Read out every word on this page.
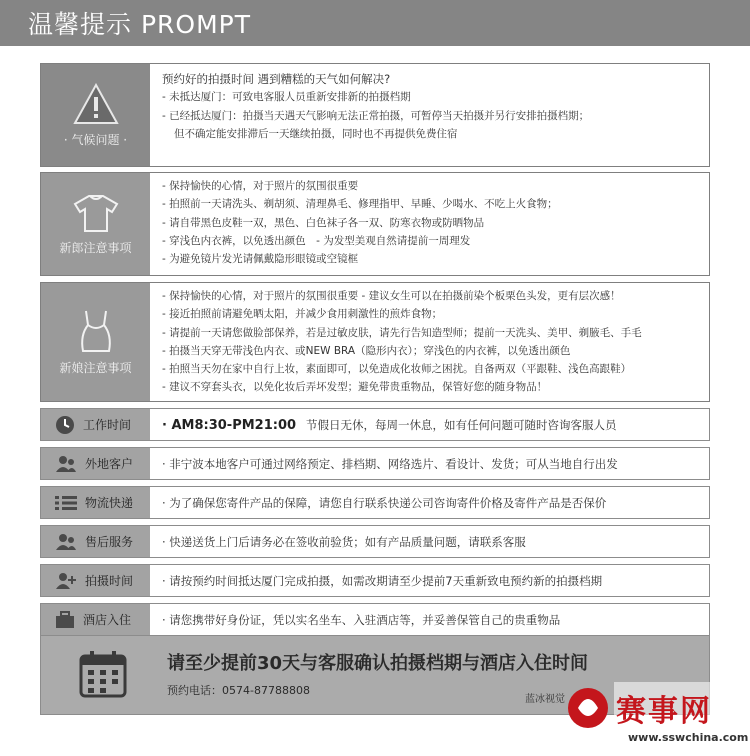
温馨提示 PROMPT
· 气候问题 ·
预约好的拍摄时间 遇到糟糕的天气如何解决?
- 未抵达厦门：可致电客服人员重新安排新的拍摄档期
- 已经抵达厦门：拍摄当天遇天气影响无法正常拍摄，可暂停当天拍摄并另行安排拍摄档期；
但不确定能安排滞后一天继续拍摄，同时也不再提供免费住宿
新郎注意事项
- 保持愉快的心情，对于照片的氛围很重要
- 拍照前一天请洗头、剃胡须、清理鼻毛、修理指甲、早睡、少喝水、不吃上火食物；
- 请自带黑色皮鞋一双，黑色、白色袜子各一双、防寒衣物或防晒物品
- 穿浅色内衣裤，以免透出颜色　- 为发型美观自然请提前一周理发
- 为避免镜片发光请佩戴隐形眼镜或空镜框
新娘注意事项
- 保持愉快的心情，对于照片的氛围很重要 - 建议女生可以在拍摄前染个板栗色头发，更有层次感！
- 接近拍照前请避免晒太阳，并减少食用刺激性的煎炸食物；
- 请提前一天请您做脸部保养，若是过敏皮肤，请先行告知造型师；提前一天洗头、美甲、剃腋毛、手毛
- 拍摄当天穿无带浅色内衣、或NEW BRA（隐形内衣）；穿浅色的内衣裤，以免透出颜色
- 拍照当天勿在家中自行上妆，素面即可，以免造成化妆师之困扰。自备两双（平跟鞋、浅色高跟鞋）
- 建议不穿套头衣，以免化妆后弄坏发型；避免带贵重物品，保管好您的随身物品！
工作时间	· AM8:30-PM21:00 节假日无休，每周一休息，如有任何问题可随时咨询客服人员
外地客户	· 非宁波本地客户可通过网络预定、排档期、网络选片、看设计、发货；可从当地自行出发
物流快递	· 为了确保您寄件产品的保障，请您自行联系快递公司咨询寄件价格及寄件产品是否保价
售后服务	· 快递送货上门后请务必在签收前验货；如有产品质量问题，请联系客服
拍摄时间	· 请按预约时间抵达厦门完成拍摄，如需改期请至少提前7天重新致电预约新的拍摄档期
酒店入住	· 请您携带好身份证，凭以实名坐车、入驻酒店等，并妥善保管自己的贵重物品
请至少提前30天与客服确认拍摄档期与酒店入住时间
预约电话：0574-87788808
蓝冰视觉 赛事网
www.sswchina.com
